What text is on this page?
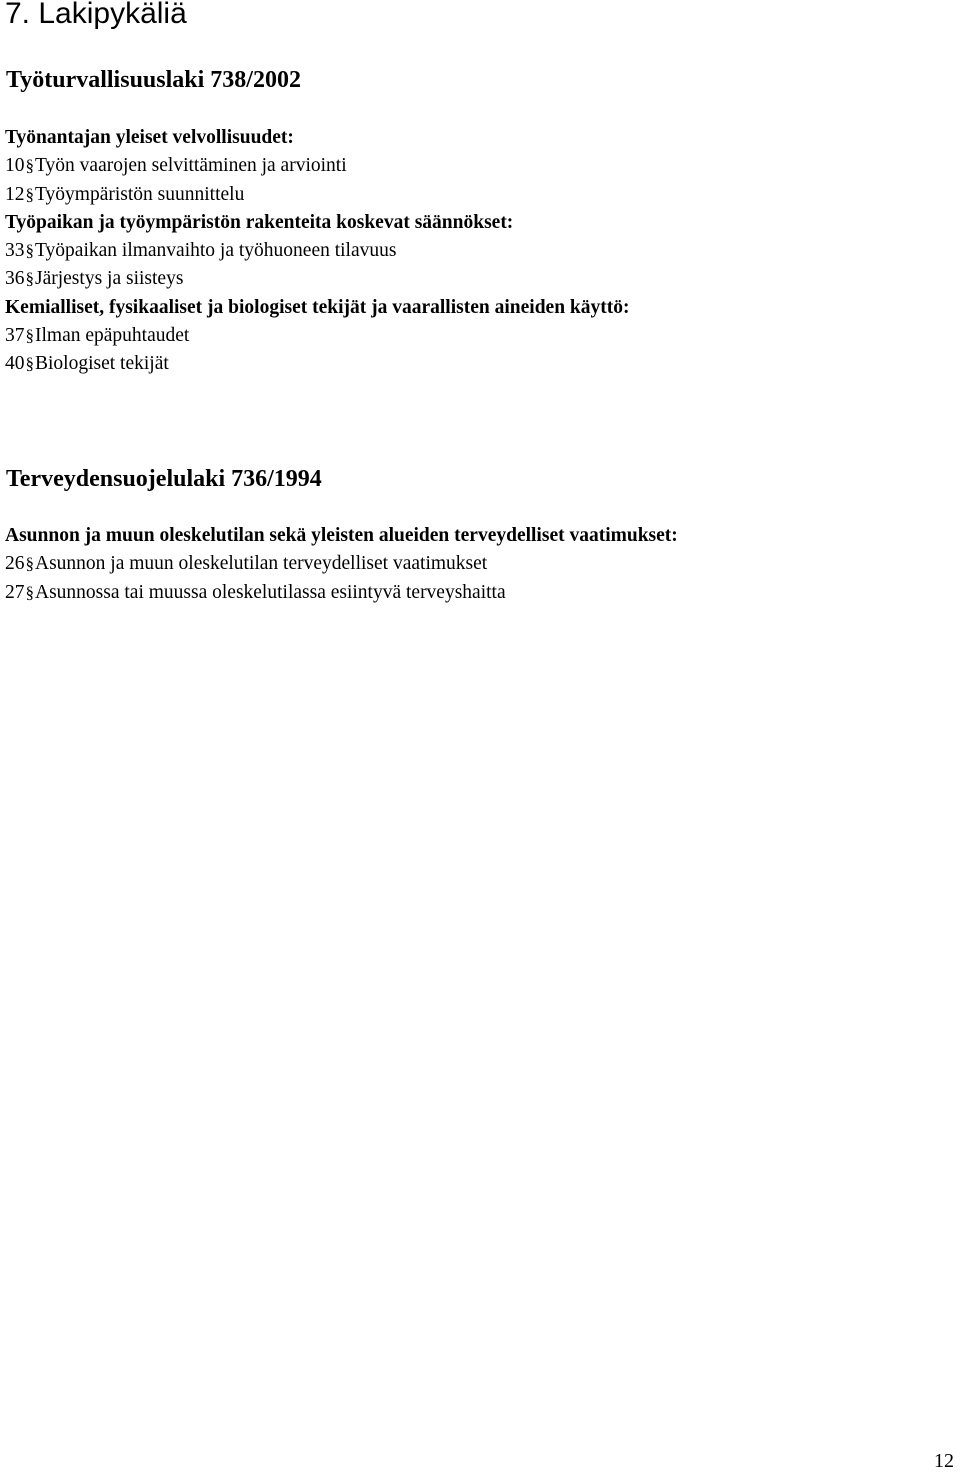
7. Lakipykäliä
Työturvallisuuslaki 738/2002
Työnantajan yleiset velvollisuudet:
10§Työn vaarojen selvittäminen ja arviointi
12§Työympäristön suunnittelu
Työpaikan ja työympäristön rakenteita koskevat säännökset:
33§Työpaikan ilmanvaihto ja työhuoneen tilavuus
36§Järjestys ja siisteys
Kemialliset, fysikaaliset ja biologiset tekijät ja vaarallisten aineiden käyttö:
37§Ilman epäpuhtaudet
40§Biologiset tekijät
Terveydensuojelulaki 736/1994
Asunnon ja muun oleskelutilan sekä yleisten alueiden terveydelliset vaatimukset:
26§Asunnon ja muun oleskelutilan terveydelliset vaatimukset
27§Asunnossa tai muussa oleskelutilassa esiintyvä terveyshaitta
12
